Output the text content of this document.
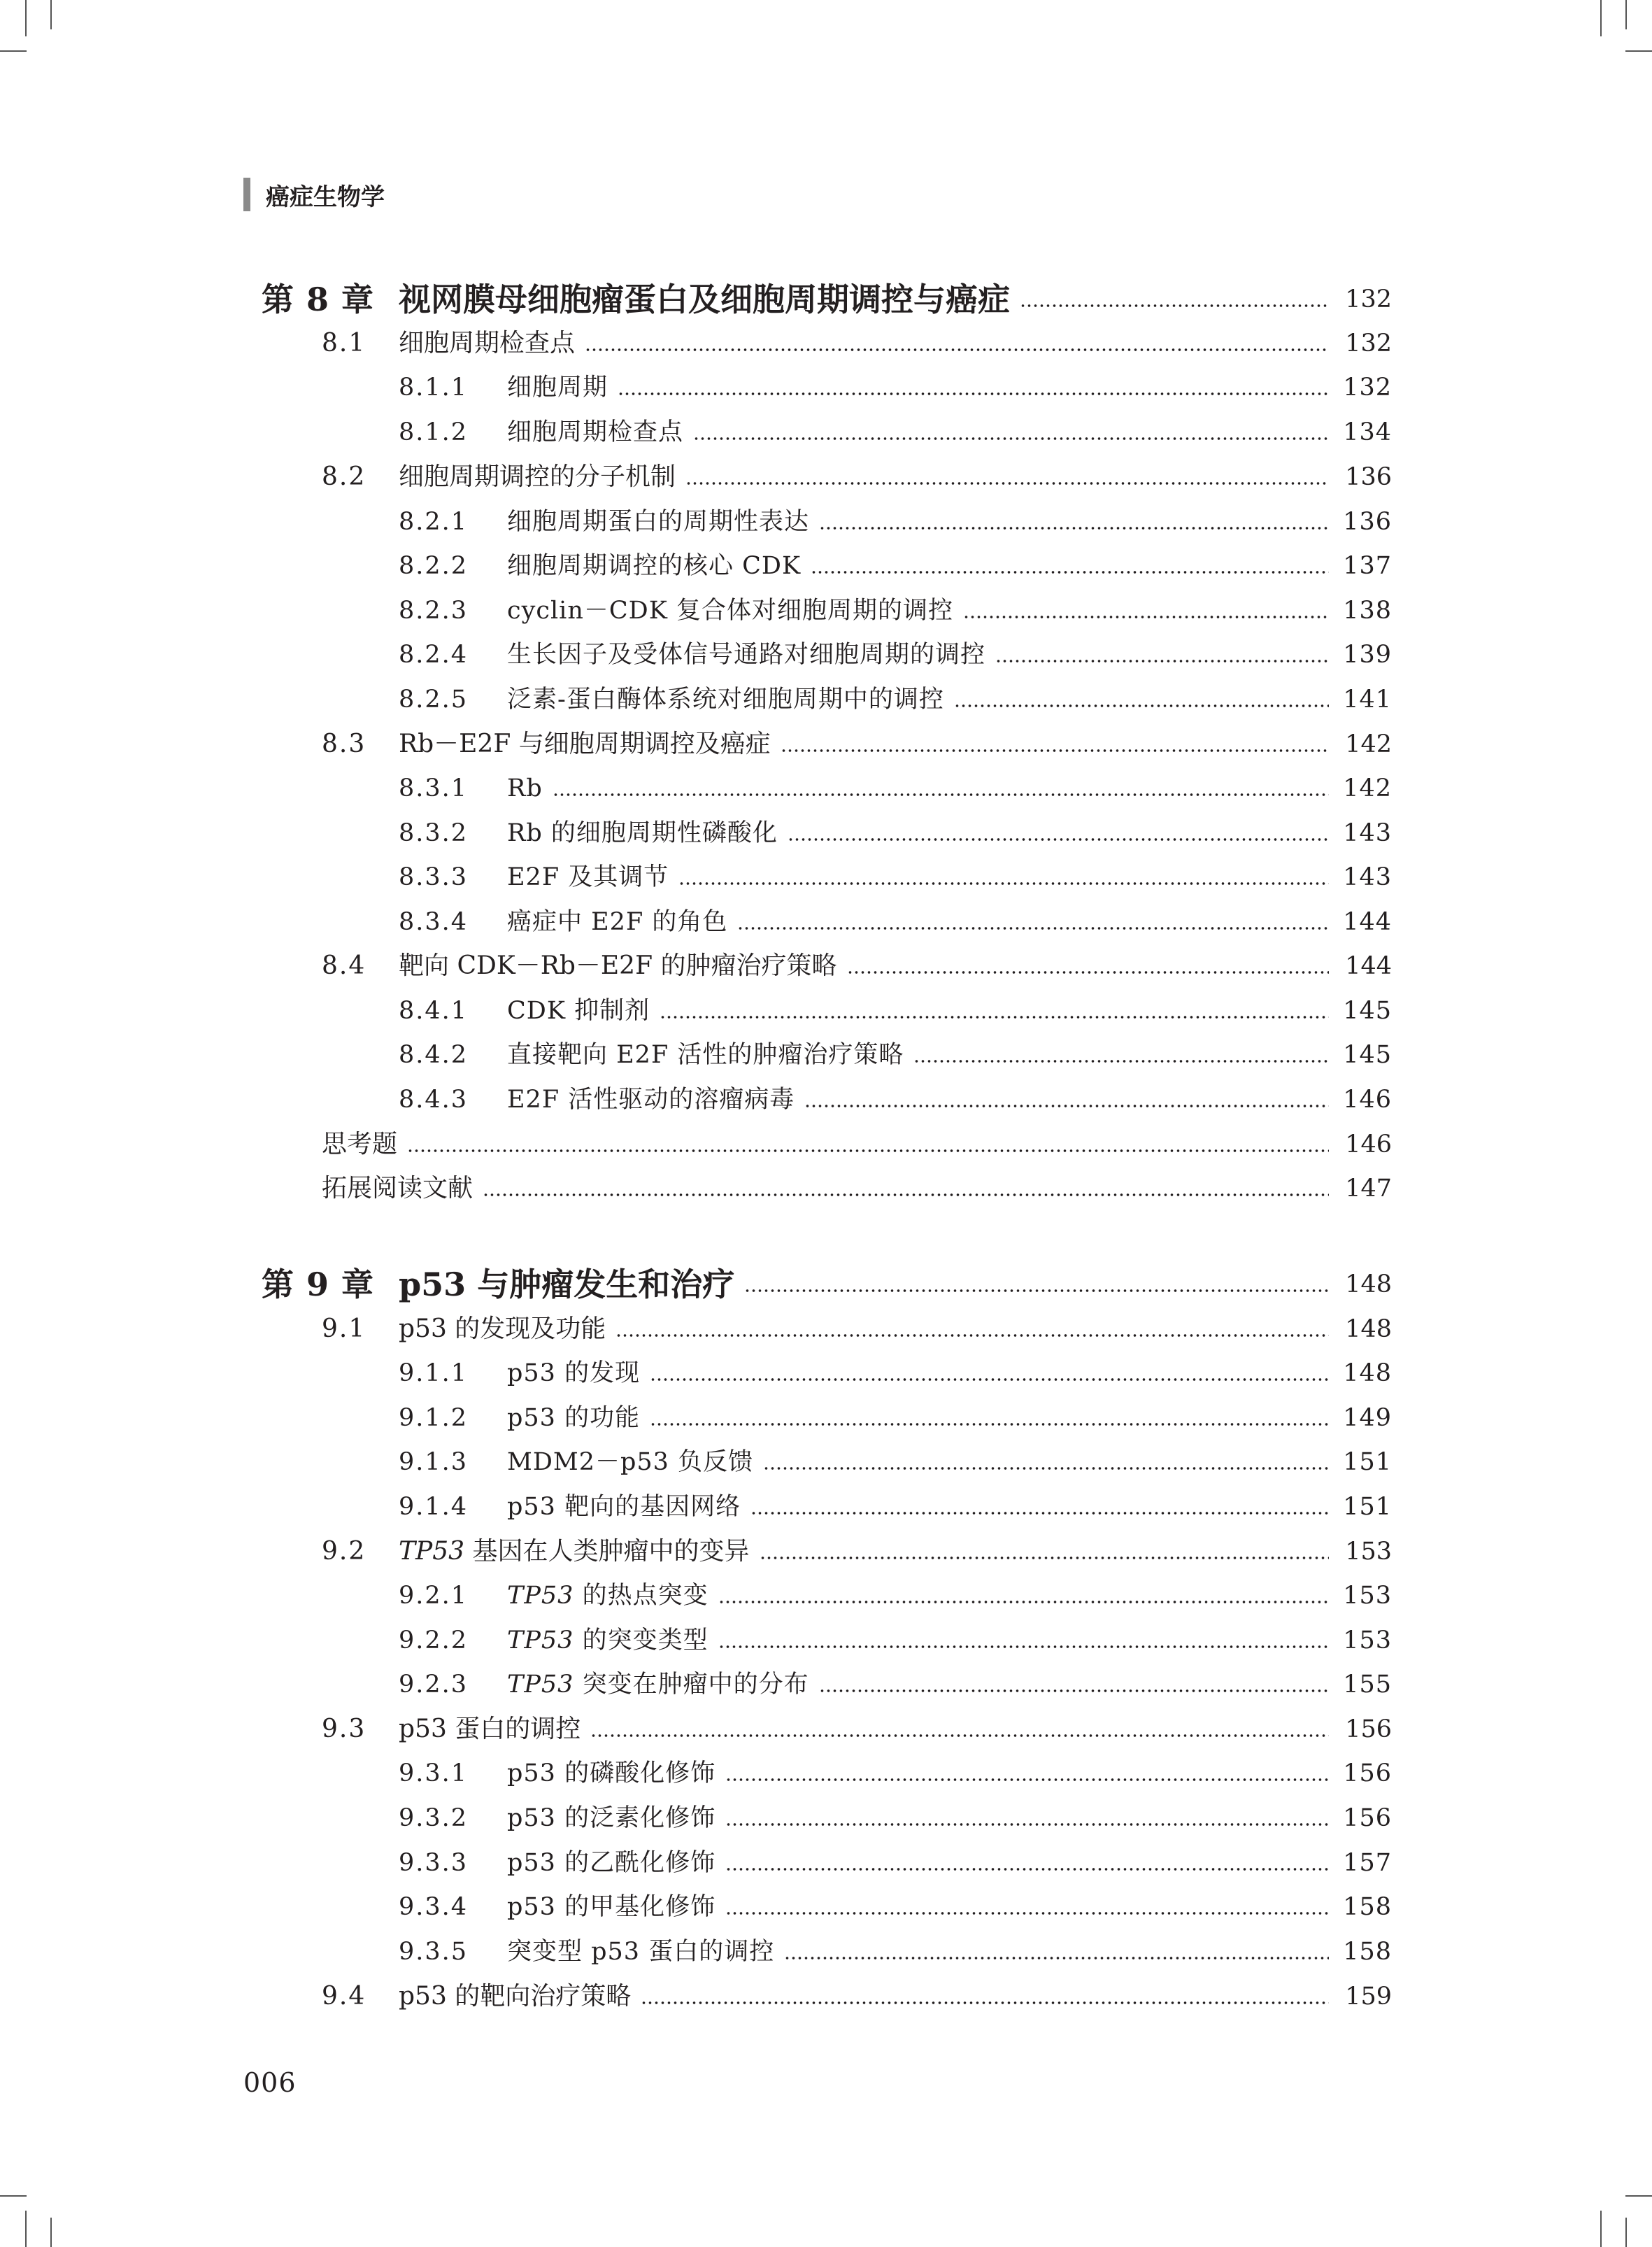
癌症生物学
第 8 章 视网膜母细胞瘤蛋白及细胞周期调控与癌症	132
8.1	细胞周期检查点	132
8.1.1	细胞周期	132
8.1.2	细胞周期检查点	134
8.2	细胞周期调控的分子机制	136
8.2.1	细胞周期蛋白的周期性表达	136
8.2.2	细胞周期调控的核心 CDK	137
8.2.3	cyclin－CDK 复合体对细胞周期的调控	138
8.2.4	生长因子及受体信号通路对细胞周期的调控	139
8.2.5	泛素-蛋白酶体系统对细胞周期中的调控	141
8.3	Rb－E2F 与细胞周期调控及癌症	142
8.3.1	Rb	142
8.3.2	Rb 的细胞周期性磷酸化	143
8.3.3	E2F 及其调节	143
8.3.4	癌症中 E2F 的角色	144
8.4	靶向 CDK－Rb－E2F 的肿瘤治疗策略	144
8.4.1	CDK 抑制剂	145
8.4.2	直接靶向 E2F 活性的肿瘤治疗策略	145
8.4.3	E2F 活性驱动的溶瘤病毒	146
思考题	146
拓展阅读文献	147
第 9 章 p53 与肿瘤发生和治疗	148
9.1	p53 的发现及功能	148
9.1.1	p53 的发现	148
9.1.2	p53 的功能	149
9.1.3	MDM2－p53 负反馈	151
9.1.4	p53 靶向的基因网络	151
9.2	TP53 基因在人类肿瘤中的变异	153
9.2.1	TP53 的热点突变	153
9.2.2	TP53 的突变类型	153
9.2.3	TP53 突变在肿瘤中的分布	155
9.3	p53 蛋白的调控	156
9.3.1	p53 的磷酸化修饰	156
9.3.2	p53 的泛素化修饰	156
9.3.3	p53 的乙酰化修饰	157
9.3.4	p53 的甲基化修饰	158
9.3.5	突变型 p53 蛋白的调控	158
9.4	p53 的靶向治疗策略	159
006
